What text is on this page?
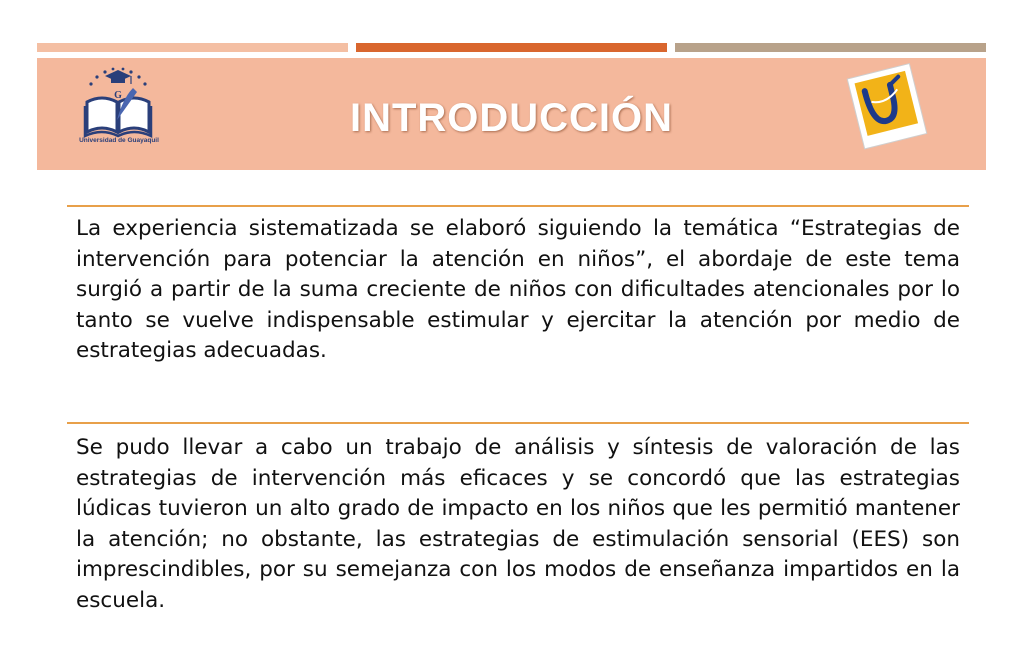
G
Universidad de Guayaquil
INTRODUCCIÓN

La experiencia sistematizada se elaboró siguiendo la temática “Estrategias de intervención para potenciar la atención en niños”, el abordaje de este tema surgió a partir de la suma creciente de niños con dificultades atencionales por lo tanto se vuelve indispensable estimular y ejercitar la atención por medio de estrategias adecuadas.

Se pudo llevar a cabo un trabajo de análisis y síntesis de valoración de las estrategias de intervención más eficaces y se concordó que las estrategias lúdicas tuvieron un alto grado de impacto en los niños que les permitió mantener la atención; no obstante, las estrategias de estimulación sensorial (EES) son imprescindibles, por su semejanza con los modos de enseñanza impartidos en la escuela.
